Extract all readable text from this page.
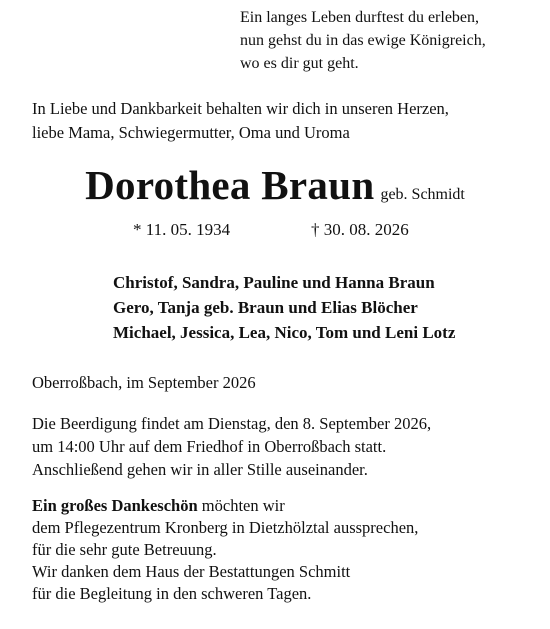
Ein langes Leben durftest du erleben,
nun gehst du in das ewige Königreich,
wo es dir gut geht.
In Liebe und Dankbarkeit behalten wir dich in unseren Herzen,
liebe Mama, Schwiegermutter, Oma und Uroma
Dorothea Braun geb. Schmidt
* 11. 05. 1934	† 30. 08. 2026
Christof, Sandra, Pauline und Hanna Braun
Gero, Tanja geb. Braun und Elias Blöcher
Michael, Jessica, Lea, Nico, Tom und Leni Lotz
Oberroßbach, im September 2026
Die Beerdigung findet am Dienstag, den 8. September 2026,
um 14:00 Uhr auf dem Friedhof in Oberroßbach statt.
Anschließend gehen wir in aller Stille auseinander.
Ein großes Dankeschön möchten wir
dem Pflegezentrum Kronberg in Dietzhölztal aussprechen,
für die sehr gute Betreuung.
Wir danken dem Haus der Bestattungen Schmitt
für die Begleitung in den schweren Tagen.
